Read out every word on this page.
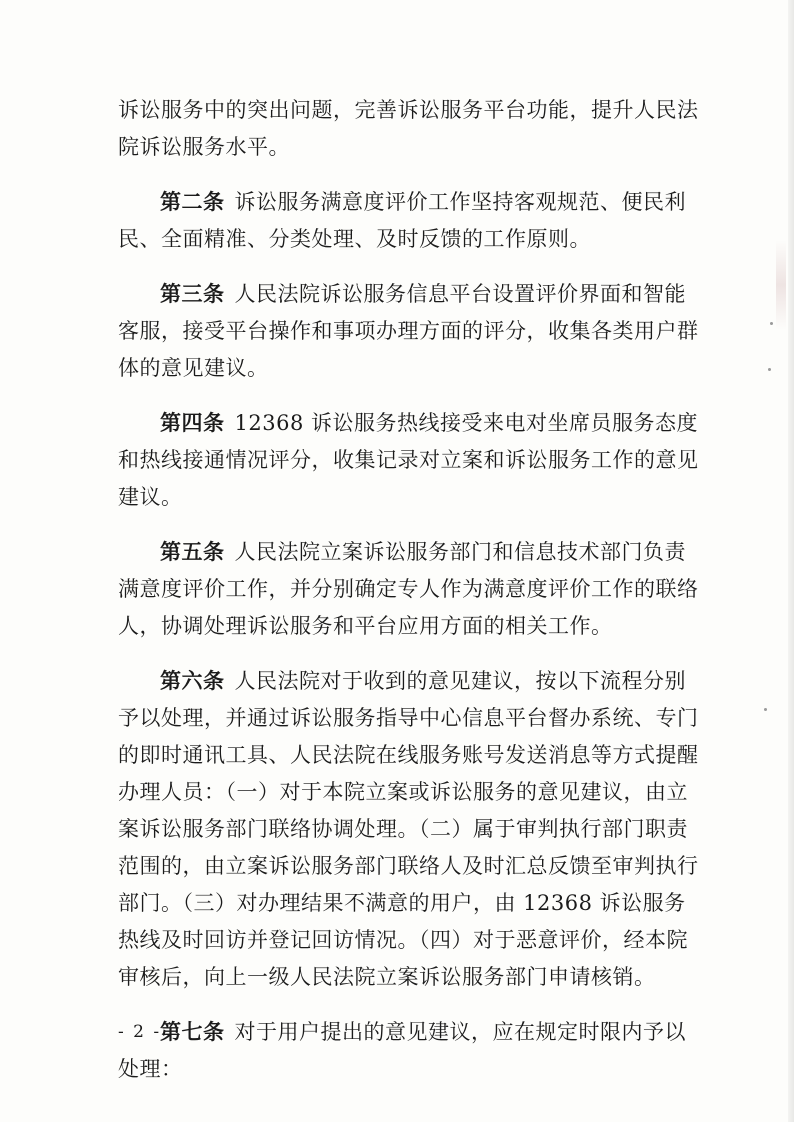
诉讼服务中的突出问题，完善诉讼服务平台功能，提升人民法
院诉讼服务水平。

第二条 诉讼服务满意度评价工作坚持客观规范、便民利
民、全面精准、分类处理、及时反馈的工作原则。

第三条 人民法院诉讼服务信息平台设置评价界面和智能
客服，接受平台操作和事项办理方面的评分，收集各类用户群
体的意见建议。

第四条 12368 诉讼服务热线接受来电对坐席员服务态度
和热线接通情况评分，收集记录对立案和诉讼服务工作的意见
建议。

第五条 人民法院立案诉讼服务部门和信息技术部门负责
满意度评价工作，并分别确定专人作为满意度评价工作的联络
人，协调处理诉讼服务和平台应用方面的相关工作。

第六条 人民法院对于收到的意见建议，按以下流程分别
予以处理，并通过诉讼服务指导中心信息平台督办系统、专门
的即时通讯工具、人民法院在线服务账号发送消息等方式提醒
办理人员：（一）对于本院立案或诉讼服务的意见建议，由立
案诉讼服务部门联络协调处理。（二）属于审判执行部门职责
范围的，由立案诉讼服务部门联络人及时汇总反馈至审判执行
部门。（三）对办理结果不满意的用户，由 12368 诉讼服务
热线及时回访并登记回访情况。（四）对于恶意评价，经本院
审核后，向上一级人民法院立案诉讼服务部门申请核销。

第七条 对于用户提出的意见建议，应在规定时限内予以
处理：

- 2 -
